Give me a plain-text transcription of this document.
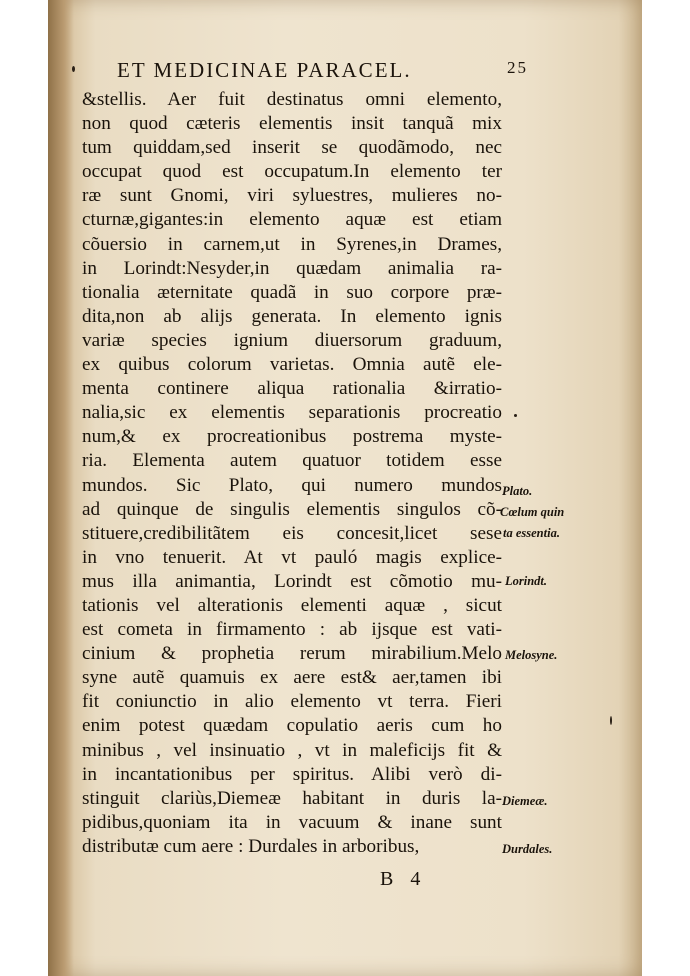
ET MEDICINAE PARACEL.	25
&stellis. Aer fuit destinatus omni elemento,
non quod cæteris elementis insit tanquã mix
tum quiddam,sed inserit se quodãmodo, nec
occupat quod est occupatum.In elemento ter
ræ sunt Gnomi, viri syluestres, mulieres no-
cturnæ,gigantes:in elemento aquæ est etiam
cõuersio in carnem,ut in Syrenes,in Drames,
in Lorindt:Nesyder,in quædam animalia ra-
tionalia æternitate quadã in suo corpore præ-
dita,non ab alijs generata. In elemento ignis
variæ species ignium diuersorum graduum,
ex quibus colorum varietas. Omnia autẽ ele-
menta continere aliqua rationalia &irratio-
nalia,sic ex elementis separationis procreatio
num,& ex procreationibus postrema myste-
ria. Elementa autem quatuor totidem esse
mundos. Sic Plato, qui numero mundos
ad quinque de singulis elementis singulos cõ-
stituere,credibilitãtem eis concesit,licet sese
in vno tenuerit. At vt pauló magis explice-
mus illa animantia, Lorindt est cõmotio mu-
tationis vel alterationis elementi aquæ , sicut
est cometa in firmamento : ab ijsque est vati-
cinium & prophetia rerum mirabilium.Melo
syne autẽ quamuis ex aere est& aer,tamen ibi
fit coniunctio in alio elemento vt terra. Fieri
enim potest quædam copulatio aeris cum ho
minibus , vel insinuatio , vt in maleficijs fit &
in incantationibus per spiritus. Alibi verò di-
stinguit clariùs,Diemeæ habitant in duris la-
pidibus,quoniam ita in vacuum & inane sunt
distributæ cum aere : Durdales in arboribus,
Plato.
Cœlum quin
ta essentia.
Lorindt.
Melosyne.
Diemeæ.
Durdales.
B 4
